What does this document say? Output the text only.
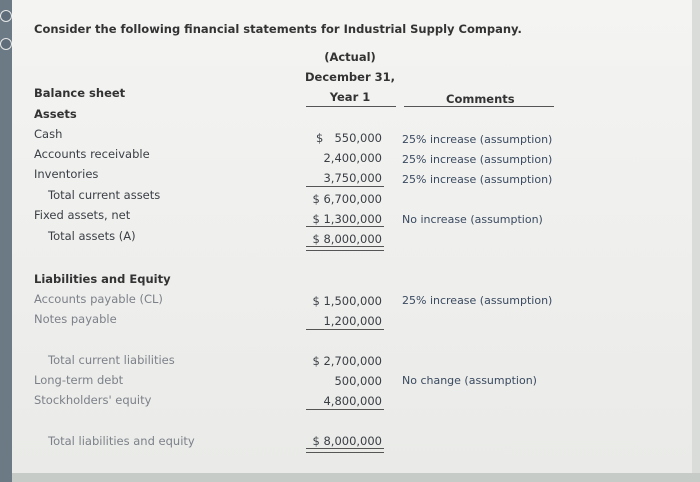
Consider the following financial statements for Industrial Supply Company.
(Actual)
December 31,
Year 1	Comments
Balance sheet
Assets
Cash	$ 550,000 25% increase (assumption)
Accounts receivable	2,400,000 25% increase (assumption)
Inventories	3,750,000 25% increase (assumption)
Total current assets	$ 6,700,000
Fixed assets, net	$ 1,300,000 No increase (assumption)
Total assets (A)	$ 8,000,000
Liabilities and Equity
Accounts payable (CL)	$ 1,500,000 25% increase (assumption)
Notes payable	1,200,000
Total current liabilities	$ 2,700,000
Long-term debt	500,000 No change (assumption)
Stockholders' equity	4,800,000
Total liabilities and equity	$ 8,000,000
